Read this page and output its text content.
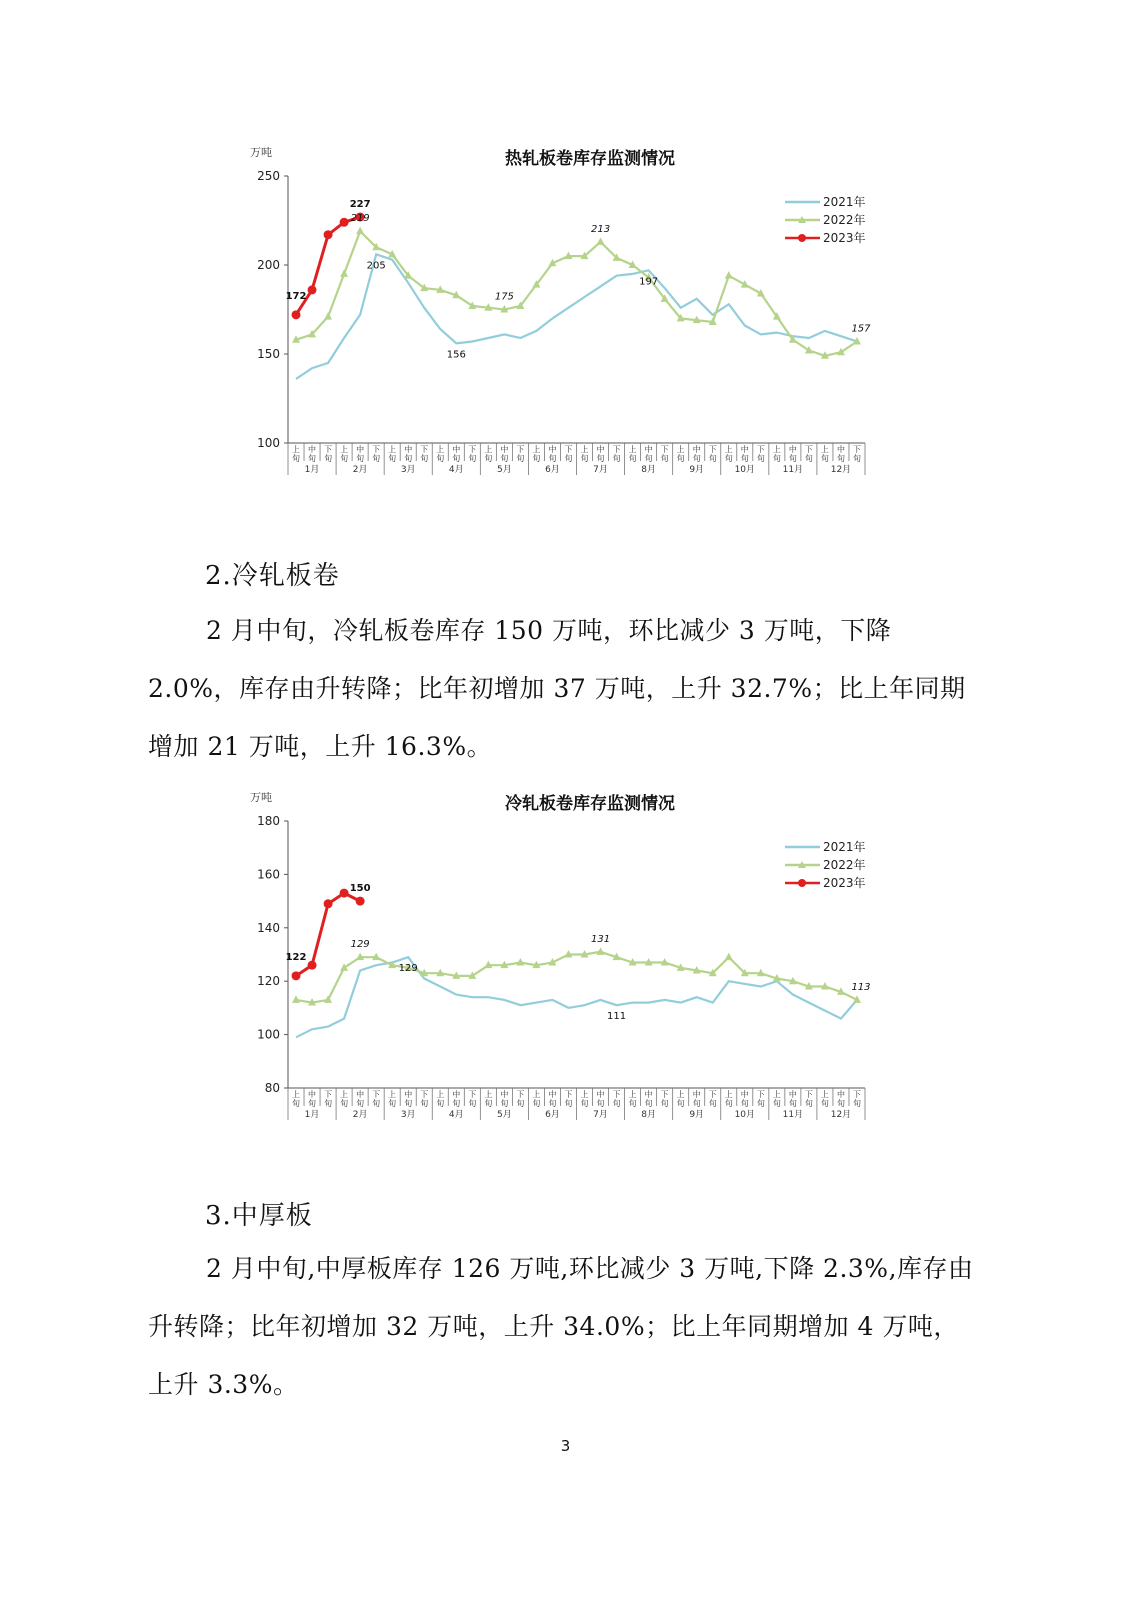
热轧板卷库存监测情况
万吨
100
150
200
250
上
旬
中
旬
下
旬
上
旬
中
旬
下
旬
上
旬
中
旬
下
旬
上
旬
中
旬
下
旬
上
旬
中
旬
下
旬
上
旬
中
旬
下
旬
上
旬
中
旬
下
旬
上
旬
中
旬
下
旬
上
旬
中
旬
下
旬
上
旬
中
旬
下
旬
上
旬
中
旬
下
旬
上
旬
中
旬
下
旬
1月	2月	3月	4月	5月	6月	7月	8月	9月	10月	11月	12月
172
227
219
205
156
175
213
197
157
2021年
2022年
2023年
2.冷轧板卷
2 月中旬，冷轧板卷库存 150 万吨，环比减少 3 万吨，下降 2.0%，库存由升转降；比年初增加 37 万吨，上升 32.7%；比上年同期增加 21 万吨，上升 16.3%。
冷轧板卷库存监测情况
万吨
80
100
120
140
160
180
上
旬
中
旬
下
旬
上
旬
中
旬
下
旬
上
旬
中
旬
下
旬
上
旬
中
旬
下
旬
上
旬
中
旬
下
旬
上
旬
中
旬
下
旬
上
旬
中
旬
下
旬
上
旬
中
旬
下
旬
上
旬
中
旬
下
旬
上
旬
中
旬
下
旬
上
旬
中
旬
下
旬
上
旬
中
旬
下
旬
1月	2月	3月	4月	5月	6月	7月	8月	9月	10月	11月	12月
122
150
129
129
131
111
113
2021年
2022年
2023年
3.中厚板
2 月中旬,中厚板库存 126 万吨,环比减少 3 万吨,下降 2.3%,库存由升转降；比年初增加 32 万吨，上升 34.0%；比上年同期增加 4 万吨，上升 3.3%。
3
